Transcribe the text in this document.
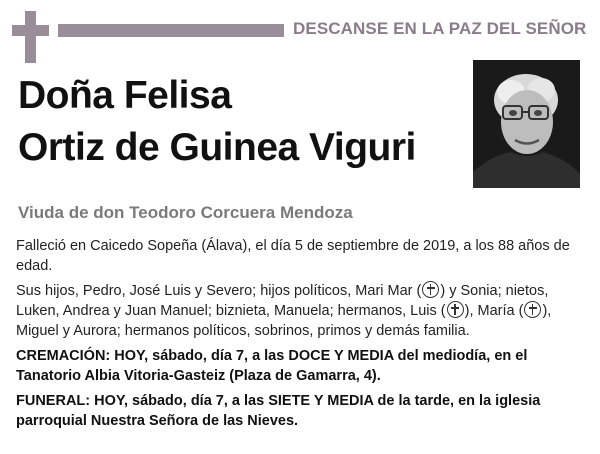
DESCANSE EN LA PAZ DEL SEÑOR
Doña Felisa
Ortiz de Guinea Viguri
Viuda de don Teodoro Corcuera Mendoza

Falleció en Caicedo Sopeña (Álava), el día 5 de septiembre de 2019, a los 88 años de edad.

Sus hijos, Pedro, José Luis y Severo; hijos políticos, Mari Mar ( ) y Sonia; nietos, Luken, Andrea y Juan Manuel; biznieta, Manuela; hermanos, Luis ( ), María ( ), Miguel y Aurora; hermanos políticos, sobrinos, primos y demás familia.

CREMACIÓN: HOY, sábado, día 7, a las DOCE Y MEDIA del mediodía, en el Tanatorio Albia Vitoria-Gasteiz (Plaza de Gamarra, 4).

FUNERAL: HOY, sábado, día 7, a las SIETE Y MEDIA de la tarde, en la iglesia parroquial Nuestra Señora de las Nieves.
